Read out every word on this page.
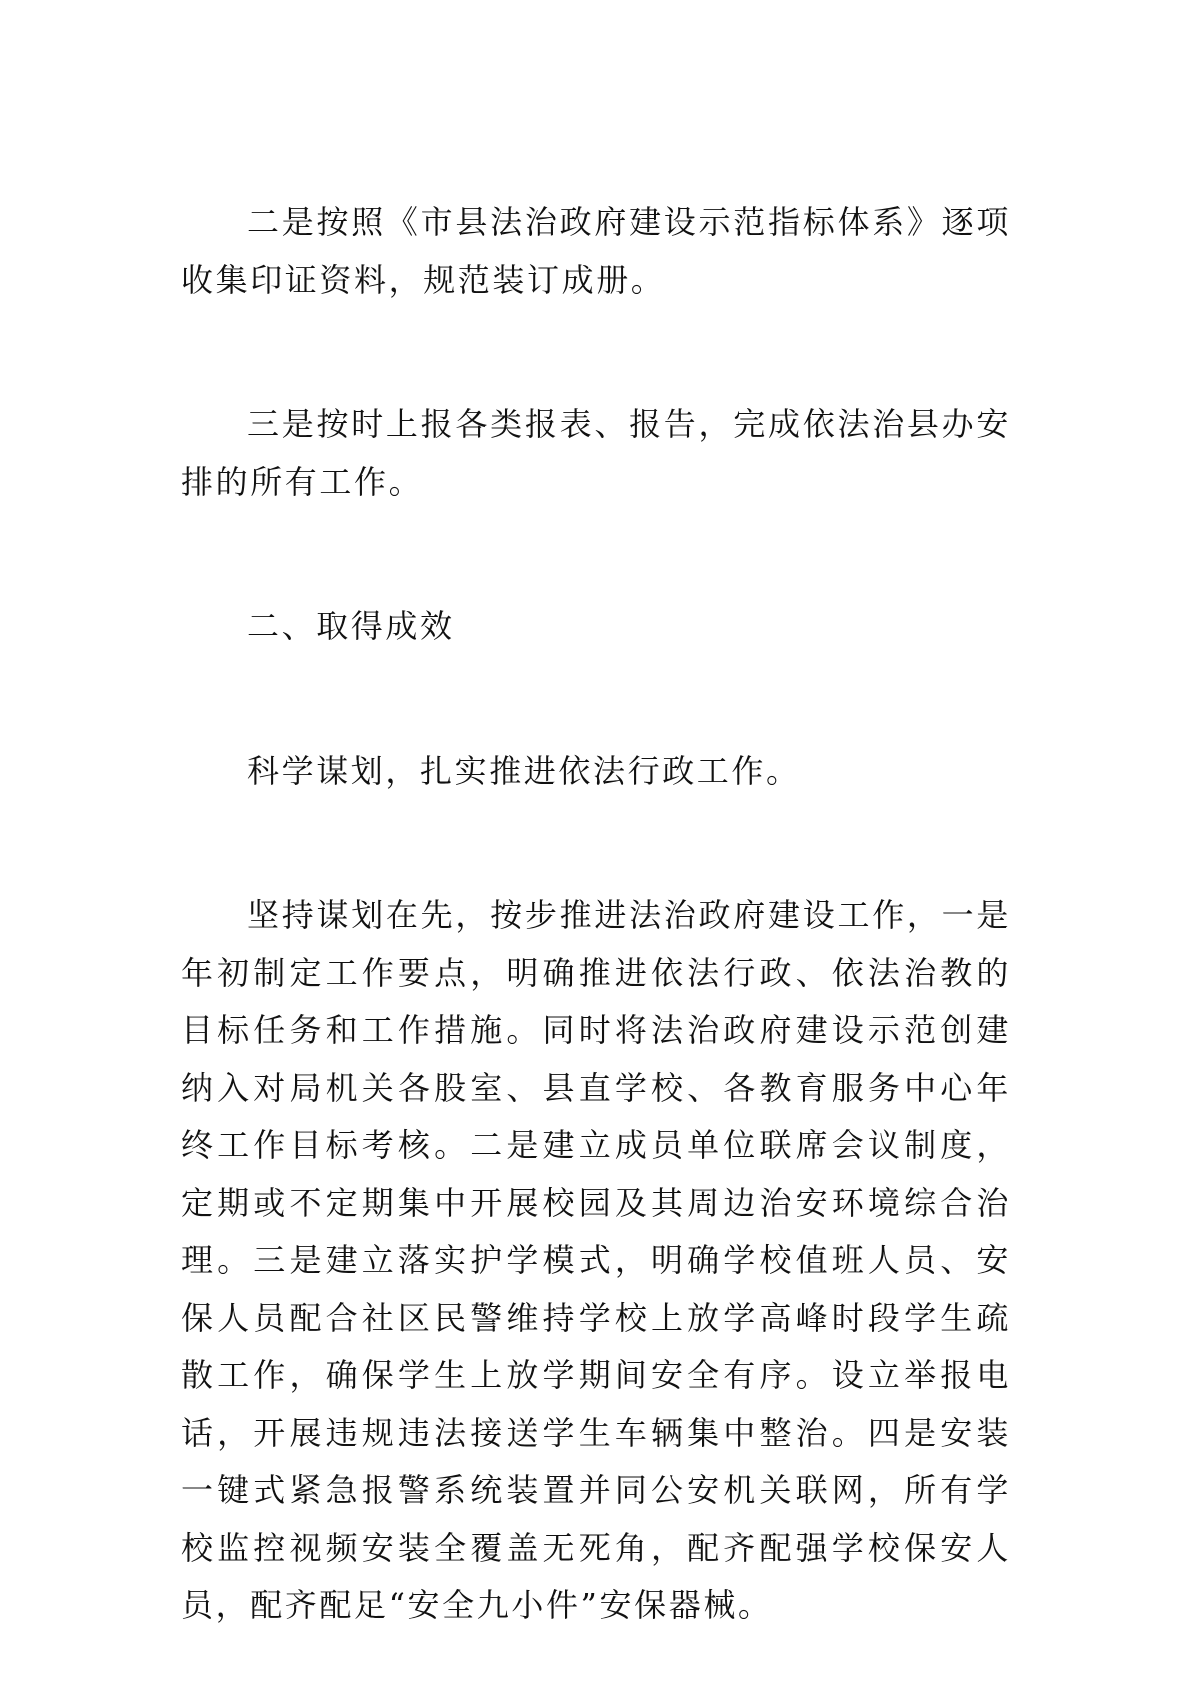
二是按照《市县法治政府建设示范指标体系》逐项收集印证资料，规范装订成册。

三是按时上报各类报表、报告，完成依法治县办安排的所有工作。

二、取得成效

科学谋划，扎实推进依法行政工作。

坚持谋划在先，按步推进法治政府建设工作，一是年初制定工作要点，明确推进依法行政、依法治教的目标任务和工作措施。同时将法治政府建设示范创建纳入对局机关各股室、县直学校、各教育服务中心年终工作目标考核。二是建立成员单位联席会议制度，定期或不定期集中开展校园及其周边治安环境综合治理。三是建立落实护学模式，明确学校值班人员、安保人员配合社区民警维持学校上放学高峰时段学生疏散工作，确保学生上放学期间安全有序。设立举报电话，开展违规违法接送学生车辆集中整治。四是安装一键式紧急报警系统装置并同公安机关联网，所有学校监控视频安装全覆盖无死角，配齐配强学校保安人员，配齐配足“安全九小件”安保器械。
